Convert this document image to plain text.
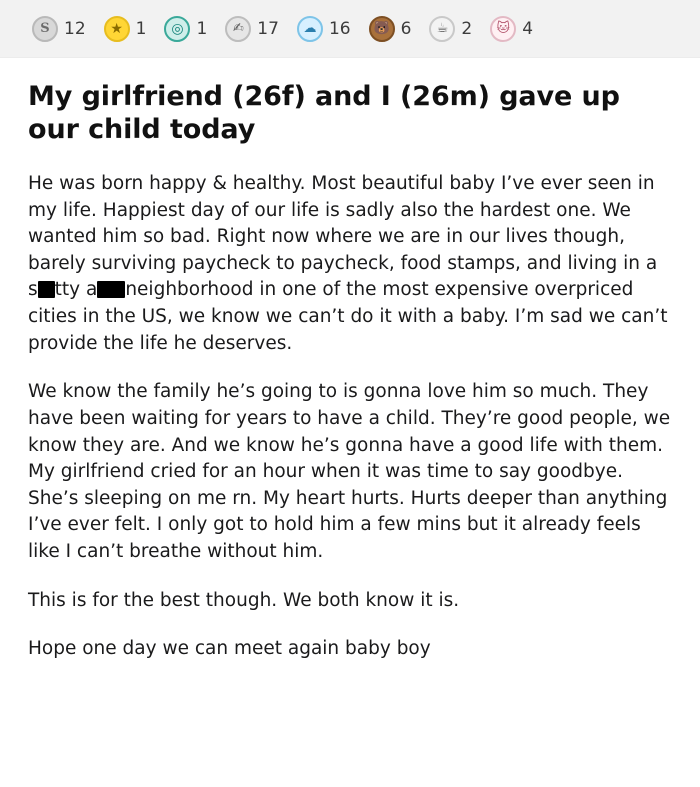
S 12	★ 1	◎ 1	✍ 17	☁ 16	🐻 6	☕ 2	🐱 4
My girlfriend (26f) and I (26m) gave up our child today

He was born happy & healthy. Most beautiful baby I’ve ever seen in my life. Happiest day of our life is sadly also the hardest one. We wanted him so bad. Right now where we are in our lives though, barely surviving paycheck to paycheck, food stamps, and living in a s tty a neighborhood in one of the most expensive overpriced cities in the US, we know we can’t do it with a baby. I’m sad we can’t provide the life he deserves.

We know the family he’s going to is gonna love him so much. They have been waiting for years to have a child. They’re good people, we know they are. And we know he’s gonna have a good life with them. My girlfriend cried for an hour when it was time to say goodbye. She’s sleeping on me rn. My heart hurts. Hurts deeper than anything I’ve ever felt. I only got to hold him a few mins but it already feels like I can’t breathe without him.

This is for the best though. We both know it is.

Hope one day we can meet again baby boy
